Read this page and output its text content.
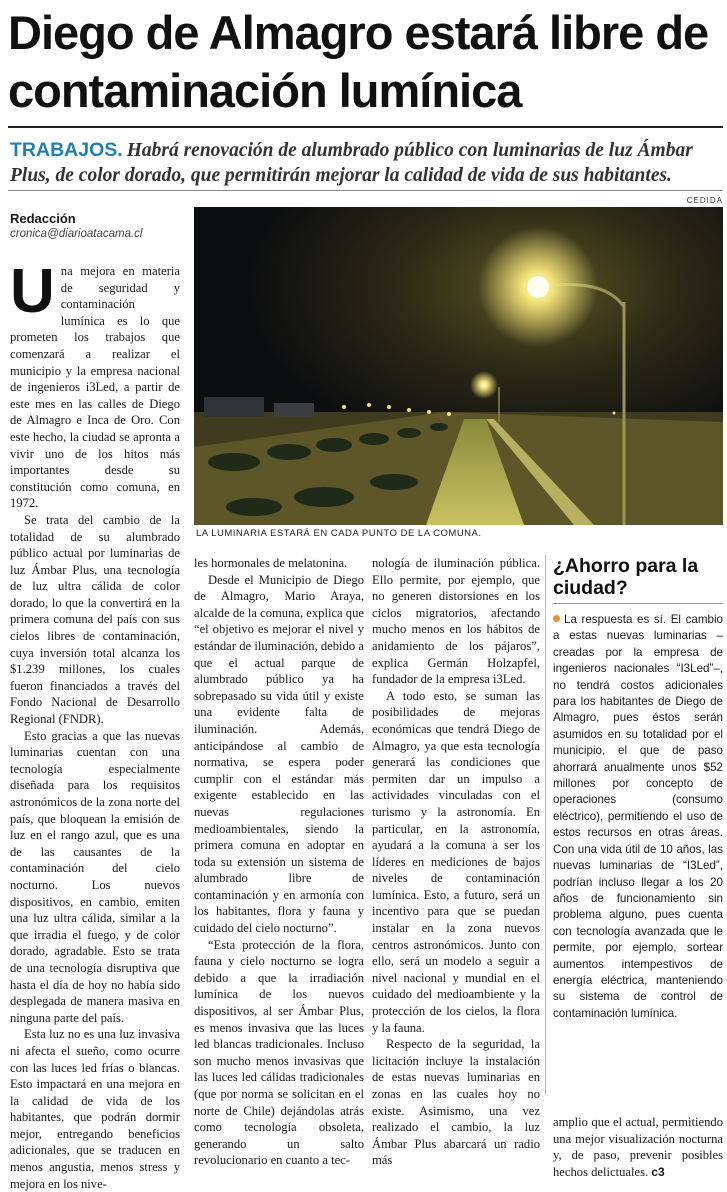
Diego de Almagro estará libre de contaminación lumínica
TRABAJOS. Habrá renovación de alumbrado público con luminarias de luz Ámbar Plus, de color dorado, que permitirán mejorar la calidad de vida de sus habitantes.
Redacción
cronica@diarioatacama.cl
CEDIDA
LA LUMINARIA ESTARÁ EN CADA PUNTO DE LA COMUNA.

Una mejora en materia de seguridad y contaminación lumínica es lo que prometen los trabajos que comenzará a realizar el municipio y la empresa nacional de ingenieros i3Led, a partir de este mes en las calles de Diego de Almagro e Inca de Oro. Con este hecho, la ciudad se apronta a vivir uno de los hitos más importantes desde su constitución como comuna, en 1972.

Se trata del cambio de la totalidad de su alumbrado público actual por luminarias de luz Ámbar Plus, una tecnología de luz ultra cálida de color dorado, lo que la convertirá en la primera comuna del país con sus cielos libres de contaminación, cuya inversión total alcanza los $1.239 millones, los cuales fueron financiados a través del Fondo Nacional de Desarrollo Regional (FNDR).

Esto gracias a que las nuevas luminarias cuentan con una tecnología especialmente diseñada para los requisitos astronómicos de la zona norte del país, que bloquean la emisión de luz en el rango azul, que es una de las causantes de la contaminación del cielo nocturno. Los nuevos dispositivos, en cambio, emiten una luz ultra cálida, similar a la que irradia el fuego, y de color dorado, agradable. Esto se trata de una tecnología disruptiva que hasta el día de hoy no había sido desplegada de manera masiva en ninguna parte del país.

Esta luz no es una luz invasiva ni afecta el sueño, como ocurre con las luces led frías o blancas. Esto impactará en una mejora en la calidad de vida de los habitantes, que podrán dormir mejor, entregando beneficios adicionales, que se traducen en menos angustia, menos stress y mejora en los nive-

les hormonales de melatonina.

Desde el Municipio de Diego de Almagro, Mario Araya, alcalde de la comuna, explica que “el objetivo es mejorar el nivel y estándar de iluminación, debido a que el actual parque de alumbrado público ya ha sobrepasado su vida útil y existe una evidente falta de iluminación. Además, anticipándose al cambio de normativa, se espera poder cumplir con el estándar más exigente establecido en las nuevas regulaciones medioambientales, siendo la primera comuna en adoptar en toda su extensión un sistema de alumbrado libre de contaminación y en armonía con los habitantes, flora y fauna y cuidado del cielo nocturno”.

“Esta protección de la flora, fauna y cielo nocturno se logra debido a que la irradiación lumínica de los nuevos dispositivos, al ser Ámbar Plus, es menos invasiva que las luces led blancas tradicionales. Incluso son mucho menos invasivas que las luces led cálidas tradicionales (que por norma se solicitan en el norte de Chile) dejándolas atrás como tecnología obsoleta, generando un salto revolucionario en cuanto a tec-

nología de iluminación pública. Ello permite, por ejemplo, que no generen distorsiones en los ciclos migratorios, afectando mucho menos en los hábitos de anidamiento de los pájaros”, explica Germán Holzapfel, fundador de la empresa i3Led.

A todo esto, se suman las posibilidades de mejoras económicas que tendrá Diego de Almagro, ya que esta tecnología generará las condiciones que permiten dar un impulso a actividades vinculadas con el turismo y la astronomía. En particular, en la astronomía, ayudará a la comuna a ser los líderes en mediciones de bajos niveles de contaminación lumínica. Esto, a futuro, será un incentivo para que se puedan instalar en la zona nuevos centros astronómicos. Junto con ello, será un modelo a seguir a nivel nacional y mundial en el cuidado del medioambiente y la protección de los cielos, la flora y la fauna.

Respecto de la seguridad, la licitación incluye la instalación de estas nuevas luminarias en zonas en las cuales hoy no existe. Asimismo, una vez realizado el cambio, la luz Ámbar Plus abarcará un radio más

¿Ahorro para la ciudad?
La respuesta es sí. El cambio a estas nuevas luminarias –creadas por la empresa de ingenieros nacionales “I3Led”–, no tendrá costos adicionales para los habitantes de Diego de Almagro, pues éstos serán asumidos en su totalidad por el municipio, el que de paso ahorrará anualmente unos $52 millones por concepto de operaciones (consumo eléctrico), permitiendo el uso de estos recursos en otras áreas. Con una vida útil de 10 años, las nuevas luminarias de “I3Led”, podrían incluso llegar a los 20 años de funcionamiento sin problema alguno, pues cuenta con tecnología avanzada que le permite, por ejemplo, sortear aumentos intempestivos de energía eléctrica, manteniendo su sistema de control de contaminación lumínica.

amplio que el actual, permitiendo una mejor visualización nocturna y, de paso, prevenir posibles hechos delictuales. c3
